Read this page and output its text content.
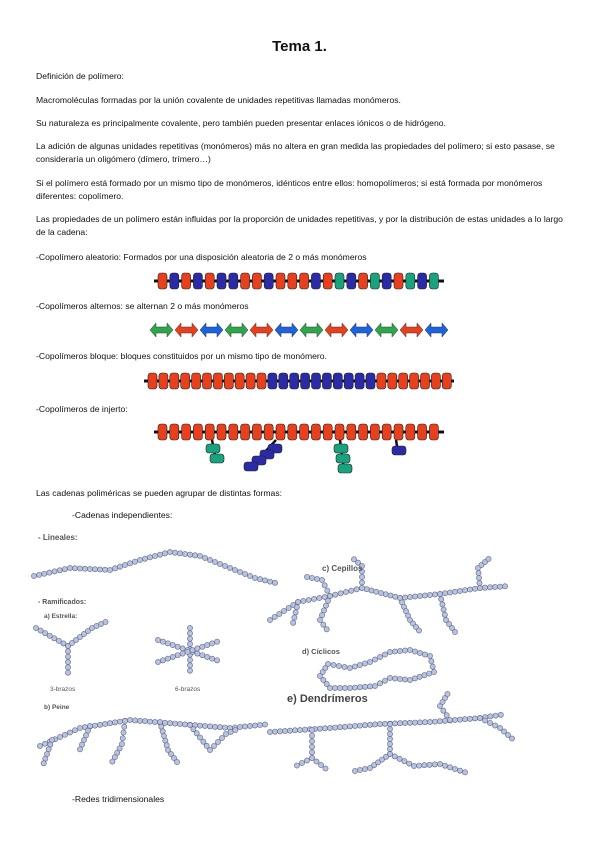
Tema 1.
Definición de polímero:
Macromoléculas formadas por la unión covalente de unidades repetitivas llamadas monómeros.
Su naturaleza es principalmente covalente, pero también pueden presentar enlaces iónicos o de hidrógeno.
La adición de algunas unidades repetitivas (monómeros) más no altera en gran medida las propiedades del polímero; si esto pasase, se consideraría un oligómero (dímero, trímero…)
Si el polímero está formado por un mismo tipo de monómeros, idénticos entre ellos: homopolímeros; si está formada por monómeros diferentes: copolímero.
Las propiedades de un polímero están influidas por la proporción de unidades repetitivas, y por la distribución de estas unidades a lo largo de la cadena:
-Copolímero aleatorio: Formados por una disposición aleatoria de 2 o más monómeros
-Copolímeros alternos: se alternan 2 o más monómeros
-Copolímeros bloque: bloques constituidos por un mismo tipo de monómero.
-Copolímeros de injerto:
Las cadenas poliméricas se pueden agrupar de distintas formas:
-Cadenas independientes:
- Lineales:
- Ramificados:
a) Estrella:
3-brazos	6-brazos
b) Peine
c) Cepillos
d) Cíclicos
e) Dendrímeros
-Redes tridimensionales
